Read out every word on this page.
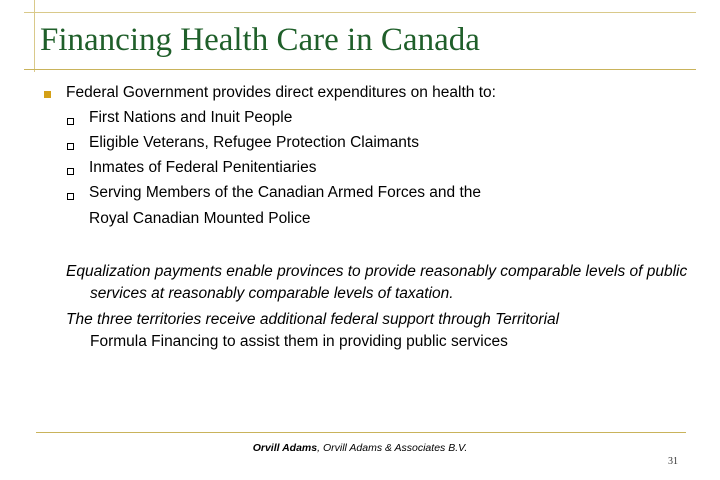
Financing Health Care in Canada
Federal Government provides direct expenditures on health to:
First Nations and Inuit People
Eligible Veterans, Refugee Protection Claimants
Inmates of Federal Penitentiaries
Serving Members of the Canadian Armed Forces and the
Royal Canadian Mounted Police
Equalization payments enable provinces to provide reasonably comparable levels of public services at reasonably comparable levels of taxation.
The three territories receive additional federal support through Territorial
Formula Financing to assist them in providing public services
Orvill Adams, Orvill Adams & Associates B.V.
31
